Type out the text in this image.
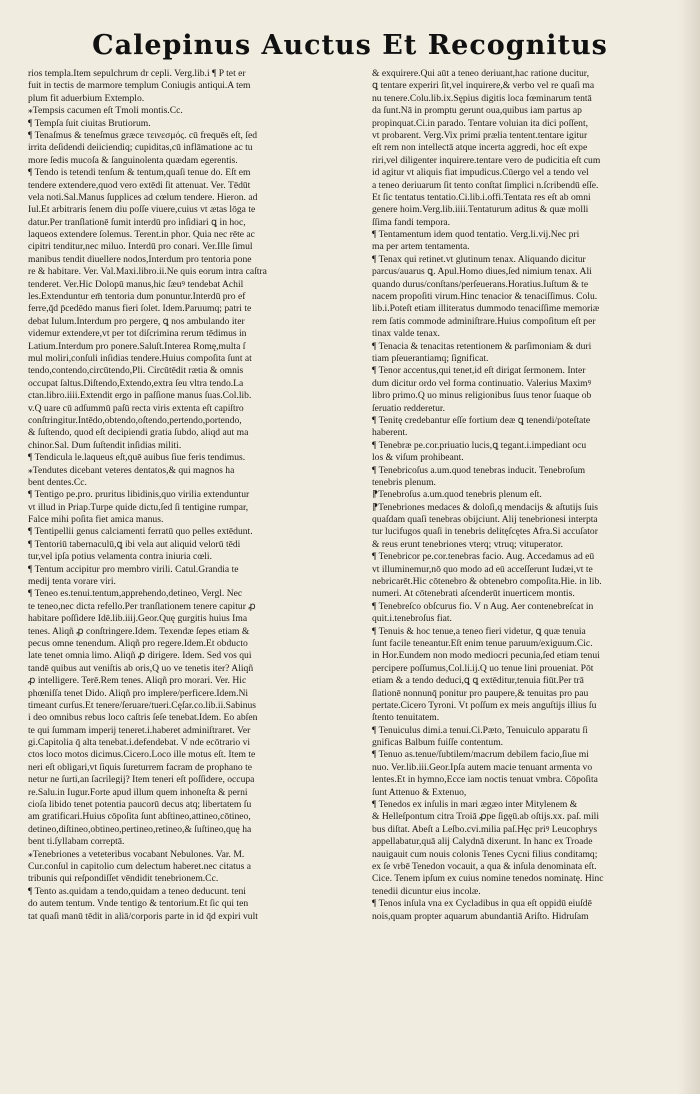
Calepinus Auctus Et Recognitus
rios templa.Item sepulchrum dr cepli. Verg.lib.i ¶ P tet er
fuit in tectis de marmore templum Coniugis antiqui.A tem
plum fit aduerbium Extemplo.
⁎Tempsis cacumen eſt Tmoli montis.Cc.
¶ Tempſa ſuit ciuitas Brutiorum.
¶ Tenaſmus & teneſmus græce τεινεσμός. cū frequēs eſt, ſed
irrita deſidendi deiiciendiq; cupiditas,cū inflāmatione ac tu
more ſedis mucoſa & ſanguinolenta quædam egerentis.
¶ Tendo is tetendi tenſum & tentum,quaſi tenue do. Eſt em
tendere extendere,quod vero extēdi ſit attenuat. Ver. Tēdūt
vela noti.Sal.Manus ſupplices ad cœlum tendere. Hieron. ad
Iul.Et arbitraris ſenem diu poſſe viuere,cuius vt ætas lōga te
datur.Per tranſlationē ſumit interdū pro inſidiari ꝗ in hoc,
laqueos extendere ſolemus. Terent.in phor. Quia nec rēte ac
cipitri tenditur,nec miluo. Interdū pro conari. Ver.Ille ſimul
manibus tendit diuellere nodos,Interdum pro tentoria pone
re & habitare. Ver. Val.Maxi.libro.ii.Ne quis eorum intra caſtra
tenderet. Ver.Hic Dolopū manus,hic ſæuꝰ tendebat Achil
les.Extenduntur em̄ tentoria dum ponuntur.Interdū pro ef
ferre,q̄d p̄cedēdo manus fieri ſolet. Idem.Paruumq; patri te
debat Iulum.Interdum pro pergere, ꝗ nos ambulando iter
videmur extendere,vt per tot diſcrimina rerum tēdimus in
Latium.Interdum pro ponere.Saluſt.Interea Romę,multa ſ
mul moliri,conſuli inſidias tendere.Huius compoſita ſunt at
tendo,contendo,circūtendo,Pli. Circūtēdit rætia & omnis
occupat ſaltus.Diſtendo,Extendo,extra ſeu vltra tendo.La
ctan.libro.iiii.Extendit ergo in paſſione manus ſuas.Col.lib.
v.Q uare cū adſummū paſū recta viris extenta eſt capiſtro
conſtringitur.Intēdo,obtendo,oſtendo,pertendo,portendo,
& ſuſtendo, quod eſt decipiendi gratia ſubdo, aliqd aut ma
chinor.Sal. Dum ſuſtendit inſidias militi.
¶ Tendicula le.laqueus eſt,quē auibus ſiue feris tendimus.
⁎Tendutes dicebant veteres dentatos,& qui magnos ha
bent dentes.Cc.
¶ Tentigo pe.pro. pruritus libidinis,quo virilia extenduntur
vt illud in Priap.Turpe quide dictu,ſed ſi tentigine rumpar,
Falce mihi poſita fiet amica manus.
¶ Tentipellii genus calciamenti ferratū quo pelles extēdunt.
¶ Tentoriū tabernaculū,ꝗ ibi vela aut aliquid velorū tēdi
tur,vel ipſa potius velamenta contra iniuria cœli.
¶ Tentum accipitur pro membro virili. Catul.Grandia te
medij tenta vorare viri.
¶ Teneo es.tenui.tentum,apprehendo,detineo, Vergl. Nec
te teneo,nec dicta refello.Per tranſlationem tenere capitur ꝓ
habitare poſſidere Idē.lib.iiij.Geor.Quę gurgitis huius Ima
tenes. Aliqñ ꝓ conſtringere.Idem. Texendæ ſepes etiam &
pecus omne tenendum. Aliqñ pro regere.Idem.Et obducto
late tenet omnia limo. Aliqñ ꝓ dirigere. Idem. Sed vos qui
tandē quibus aut veniſtis ab oris,Q uo ve tenetis iter? Aliqñ
ꝓ intelligere. Terē.Rem tenes. Aliqñ pro morari. Ver. Hic
phœniſſa tenet Dido. Aliqñ pro implere/perficere.Idem.Ni
timeant curſus.Et tenere/ſeruare/tueri.Cęſar.co.lib.ii.Sabinus
i deo omnibus rebus loco caſtris ſeſe tenebat.Idem. Eo abſen
te qui ſummam imperij teneret.i.haberet adminiſtraret. Ver
gi.Capitolia q̄ alta tenebat.i.defendebat. V nde ecōtrario vi
ctos loco motos dicimus.Cicero.Loco ille motus eſt. Item te
neri eſt obligari,vt ſiquis ſureturrem facram de prophano te
netur ne ſurti,an ſacrilegij? Item teneri eſt poſſidere, occupa
re.Salu.in Iugur.Forte apud illum quem inhoneſta & perni
cioſa libido tenet potentia paucorū decus atq; libertatem ſu
am gratificari.Huius cōpoſita ſunt abſtineo,attineo,cōtineo,
detineo,diſtineo,obtineo,pertineo,retineo,& ſuſtineo,quę ha
bent ti.ſyllabam correptā.
⁎Tenebriones a veteteribus vocabant Nebulones. Var. M.
Cur.conſul in capitolio cum delectum haberet.nec citatus a
tribunis qui reſpondiſſet vēndidit tenebrionem.Cc.
¶ Tento as.quidam a tendo,quidam a teneo deducunt. teni
do autem tentum. Vnde tentigo & tentorium.Et ſic qui ten
tat quaſi manū tēdit in aliā/corporis parte in id q̄d expiri vult
& exquirere.Qui aūt a teneo deriuant,hac ratione ducitur,
ꝗ tentare experiri ſit,vel inquirere,& verbo vel re quaſi ma
nu tenere.Colu.lib.ix.Sępius digitis loca fœminarum tentā
da ſunt.Nā in promptu gerunt oua,quibus iam partus ap
propinquat.Ci.in parado. Tentare voluian ita dici poſſent,
vt probarent. Verg.Vix primi prælia tentent.tentare igitur
eſt rem non intellectā atque incerta aggredi, hoc eſt expe
riri,vel diligenter inquirere.tentare vero de pudicitia eſt cum
id agitur vt aliquis fiat impudicus.Cūergo vel a tendo vel
a teneo deriuarum ſit tento conſtat ſimplici n.ſcribendū eſſe.
Et ſic tentatus tentatio.Ci.lib.i.offi.Tentata res eſt ab omni
genere hoim.Verg.lib.iiii.Tentaturum aditus & quæ molli
ſſima fandi tempora.
¶ Tentamentum idem quod tentatio. Verg.li.vij.Nec pri
ma per artem tentamenta.
¶ Tenax qui retinet.vt glutinum tenax. Aliquando dicitur
parcus/auarus ꝗ. Apul.Homo diues,ſed nimium tenax. Ali
quando durus/conſtans/perſeuerans.Horatius.Iuſtum & te
nacem propoſiti virum.Hinc tenacior & tenaciſſimus. Colu.
lib.i.Poteſt etiam illiteratus dummodo tenaciſſime memoriæ
rem ſatis commode adminiſtrare.Huius compoſitum eſt per
tinax valde tenax.
¶ Tenacia & tenacitas retentionem & parſimoniam & duri
tiam pſeuerantiamq; ſignificat.
¶ Tenor accentus,qui tenet,id eſt dirigat ſermonem. Inter
dum dicitur ordo vel forma continuatio. Valerius Maximꝰ
libro primo.Q uo minus religionibus ſuus tenor ſuaque ob
ſeruatio redderetur.
¶ Tenitę credebantur eſſe fortium deæ ꝗ tenendi/poteſtate
haberent.
¶ Tenebræ pe.cor.priuatio lucis,ꝗ tegant.i.impediant ocu
los & viſum prohibeant.
¶ Tenebricoſus a.um.quod tenebras inducit. Tenebroſum
tenebris plenum.
⁋Tenebroſus a.um.quod tenebris plenum eſt.
⁋Tenebriones medaces & doloſi,q mendacijs & aſtutijs ſuis
quaſdam quaſi tenebras obijciunt. Alij tenebrionesi interpta
tur lucifugos quaſi in tenebris delitęſcętes Afra.Si accuſator
& reus erunt tenebriones vterq; vtruq; vituperator.
¶ Tenebricor pe.cor.tenebras facio. Aug. Accedamus ad eū
vt illuminemur,nō quo modo ad eū acceſſerunt Iudæi,vt te
nebricarēt.Hic cōtenebro & obtenebro compoſita.Hie. in lib.
numeri. At cōtenebrati aſcenderūt inuerticem montis.
¶ Tenebreſco obſcurus fio. V n Aug. Aer contenebreſcat in
quit.i.tenebroſus fiat.
¶ Tenuis & hoc tenue,a teneo fieri videtur, ꝗ quæ tenuia
ſunt facile teneantur.Eſt enim tenue paruum/exiguum.Cic.
in Hor.Eundem non modo mediocri pecunia,ſed etiam tenui
percipere poſſumus,Col.li.ij.Q uo tenue lini proueniat. Pōt
etiam & a tendo deduci,ꝗ ꝗ extēditur,tenuia fiūt.Per trā
ſlationē nonnunq̄ ponitur pro paupere,& tenuitas pro pau
pertate.Cicero Tyroni. Vt poſſum ex meis anguſtijs illius ſu
ſtento tenuitatem.
¶ Tenuiculus dimi.a tenui.Ci.Pæto, Tenuiculo apparatu ſi
gnificas Balbum fuiſſe contentum.
¶ Tenuo as.tenue/ſubtilem/macrum debilem facio,ſiue mi
nuo. Ver.lib.iii.Geor.Ipſa autem macie tenuant armenta vo
lentes.Et in hymno,Ecce iam noctis tenuat vmbra. Cōpoſita
ſunt Attenuo & Extenuo,
¶ Tenedos ex inſulis in mari ægæo inter Mitylenem &
& Helleſpontum citra Troiā ꝓpe ſigęū.ab oſtijs.xx. paſ. mili
bus diſtat. Abeſt a Leſbo.cvi.milia paſ.Hęc priꝰ Leucophrys
appellabatur,quā alij Calydnā dixerunt. In hanc ex Troade
nauigauit cum nouis colonis Tenes Cycni filius conditamq;
ex ſe vrbē Tenedon vocauit, a qua & inſula denominata eſt.
Cice. Tenem ipſum ex cuius nomine tenedos nominatę. Hinc
tenedii dicuntur eius incolæ.
¶ Tenos inſula vna ex Cycladibus in qua eſt oppidū eiuſdē
nois,quam propter aquarum abundantiā Ariſto. Hidruſam
